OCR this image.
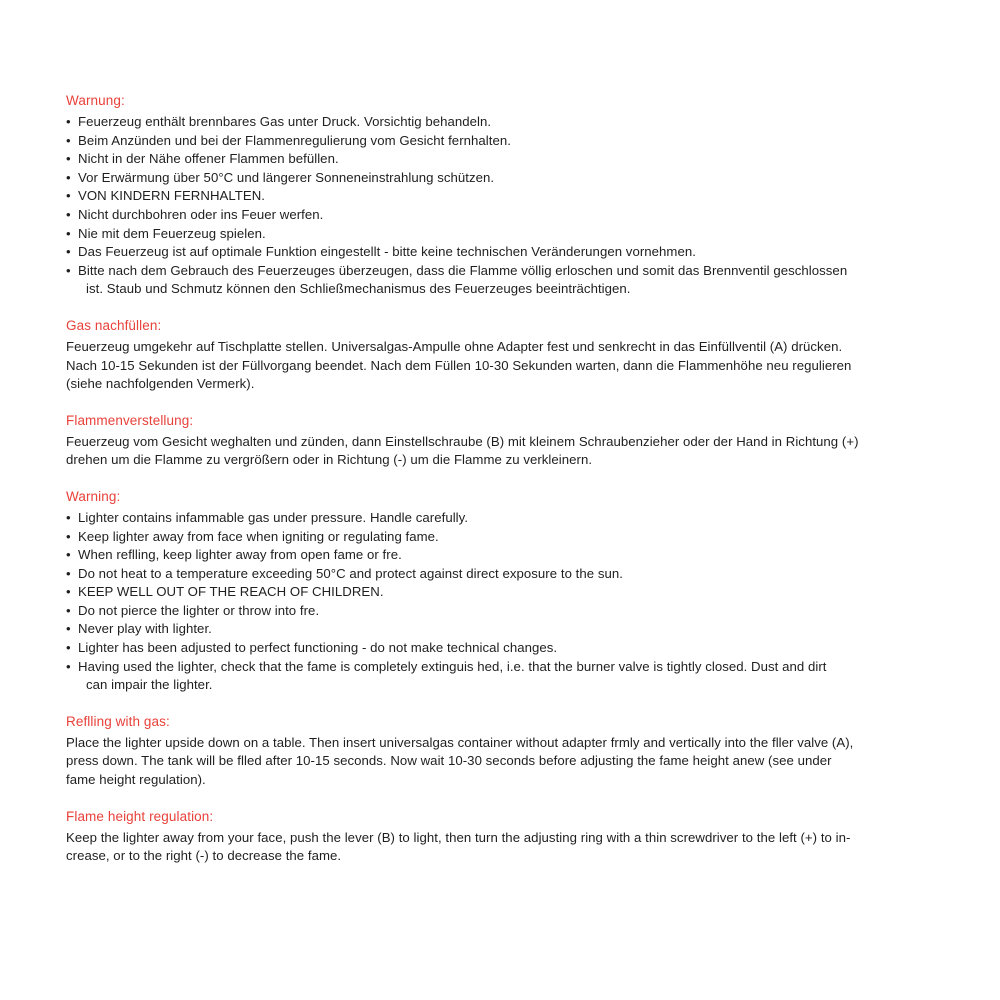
Warnung:

• Feuerzeug enthält brennbares Gas unter Druck. Vorsichtig behandeln.
• Beim Anzünden und bei der Flammenregulierung vom Gesicht fernhalten.
• Nicht in der Nähe offener Flammen befüllen.
• Vor Erwärmung über 50°C und längerer Sonneneinstrahlung schützen.
• VON KINDERN FERNHALTEN.
• Nicht durchbohren oder ins Feuer werfen.
• Nie mit dem Feuerzeug spielen.
• Das Feuerzeug ist auf optimale Funktion eingestellt - bitte keine technischen Veränderungen vornehmen.
• Bitte nach dem Gebrauch des Feuerzeuges überzeugen, dass die Flamme völlig erloschen und somit das Brennventil geschlossen
ist. Staub und Schmutz können den Schließmechanismus des Feuerzeuges beeinträchtigen.

Gas nachfüllen:

Feuerzeug umgekehr auf Tischplatte stellen. Universalgas-Ampulle ohne Adapter fest und senkrecht in das Einfüllventil (A) drücken.
Nach 10-15 Sekunden ist der Füllvorgang beendet. Nach dem Füllen 10-30 Sekunden warten, dann die Flammenhöhe neu regulieren
(siehe nachfolgenden Vermerk).

Flammenverstellung:

Feuerzeug vom Gesicht weghalten und zünden, dann Einstellschraube (B) mit kleinem Schraubenzieher oder der Hand in Richtung (+)
drehen um die Flamme zu vergrößern oder in Richtung (-) um die Flamme zu verkleinern.

Warning:

• Lighter contains infammable gas under pressure. Handle carefully.
• Keep lighter away from face when igniting or regulating fame.
• When reflling, keep lighter away from open fame or fre.
• Do not heat to a temperature exceeding 50°C and protect against direct exposure to the sun.
• KEEP WELL OUT OF THE REACH OF CHILDREN.
• Do not pierce the lighter or throw into fre.
• Never play with lighter.
• Lighter has been adjusted to perfect functioning - do not make technical changes.
• Having used the lighter, check that the fame is completely extinguis hed, i.e. that the burner valve is tightly closed. Dust and dirt
can impair the lighter.

Reflling with gas:

Place the lighter upside down on a table. Then insert universalgas container without adapter frmly and vertically into the fller valve (A),
press down. The tank will be flled after 10-15 seconds. Now wait 10-30 seconds before adjusting the fame height anew (see under
fame height regulation).

Flame height regulation:

Keep the lighter away from your face, push the lever (B) to light, then turn the adjusting ring with a thin screwdriver to the left (+) to in-
crease, or to the right (-) to decrease the fame.
